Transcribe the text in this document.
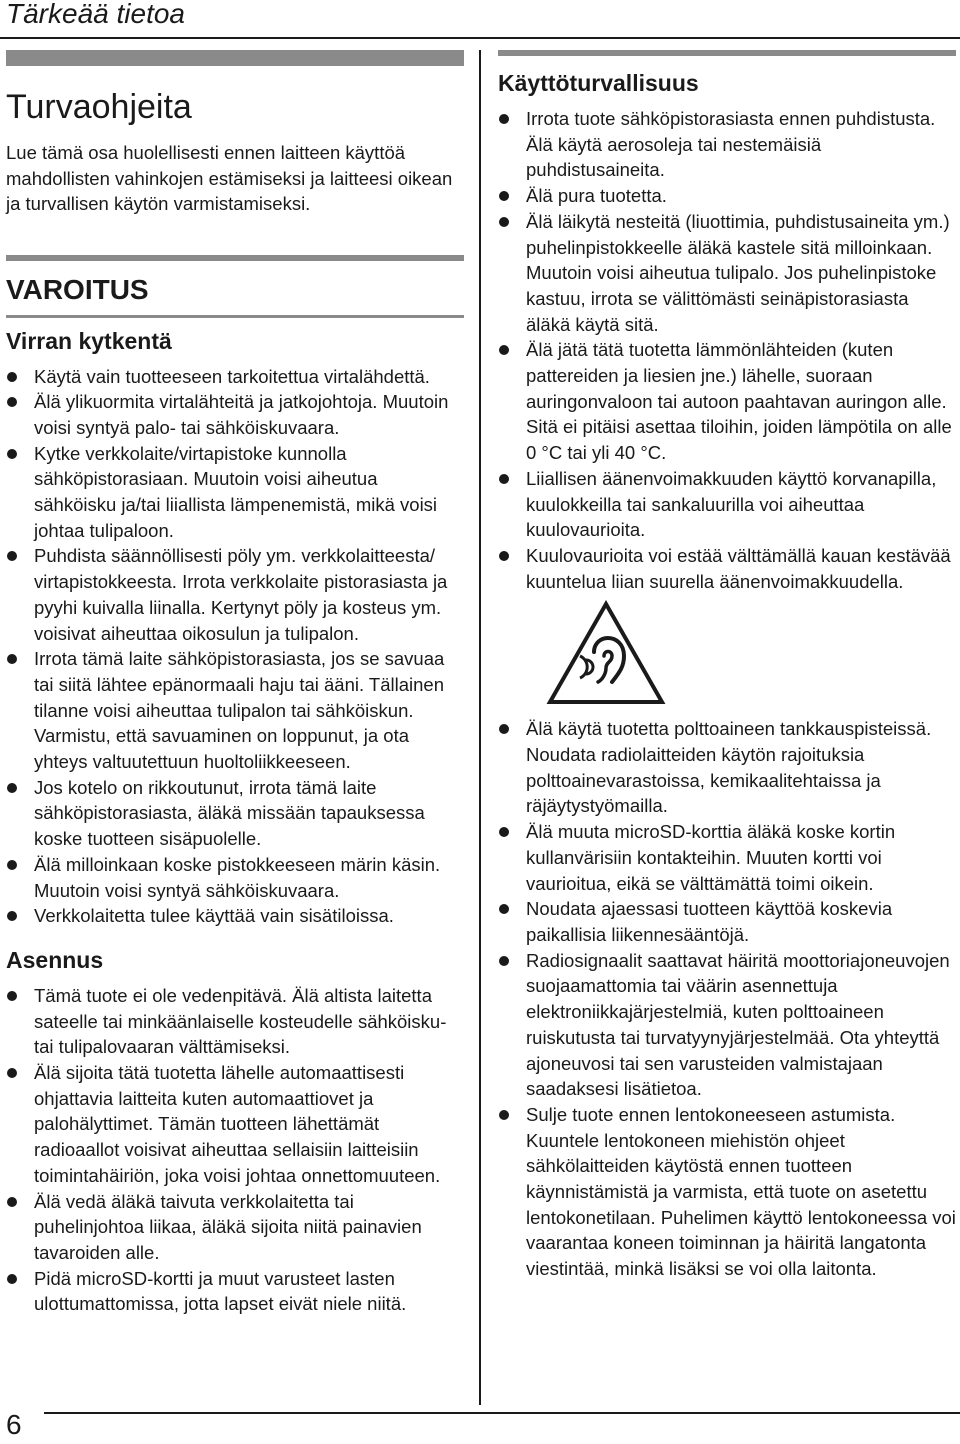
Tärkeää tietoa
Turvaohjeita

Lue tämä osa huolellisesti ennen laitteen käyttöä mahdollisten vahinkojen estämiseksi ja laitteesi oikean ja turvallisen käytön varmistamiseksi.

VAROITUS
Virran kytkentä
Käytä vain tuotteeseen tarkoitettua virtalähdettä.
Älä ylikuormita virtalähteitä ja jatkojohtoja. Muutoin voisi syntyä palo- tai sähköiskuvaara.
Kytke verkkolaite/virtapistoke kunnolla sähköpistorasiaan. Muutoin voisi aiheutua sähköisku ja/tai liiallista lämpenemistä, mikä voisi johtaa tulipaloon.
Puhdista säännöllisesti pöly ym. verkkolaitteesta/ virtapistokkeesta. Irrota verkkolaite pistorasiasta ja pyyhi kuivalla liinalla. Kertynyt pöly ja kosteus ym. voisivat aiheuttaa oikosulun ja tulipalon.
Irrota tämä laite sähköpistorasiasta, jos se savuaa tai siitä lähtee epänormaali haju tai ääni. Tällainen tilanne voisi aiheuttaa tulipalon tai sähköiskun. Varmistu, että savuaminen on loppunut, ja ota yhteys valtuutettuun huoltoliikkeeseen.
Jos kotelo on rikkoutunut, irrota tämä laite sähköpistorasiasta, äläkä missään tapauksessa koske tuotteen sisäpuolelle.
Älä milloinkaan koske pistokkeeseen märin käsin. Muutoin voisi syntyä sähköiskuvaara.
Verkkolaitetta tulee käyttää vain sisätiloissa.
Asennus
Tämä tuote ei ole vedenpitävä. Älä altista laitetta sateelle tai minkäänlaiselle kosteudelle sähköisku- tai tulipalovaaran välttämiseksi.
Älä sijoita tätä tuotetta lähelle automaattisesti ohjattavia laitteita kuten automaattiovet ja palohälyttimet. Tämän tuotteen lähettämät radioaallot voisivat aiheuttaa sellaisiin laitteisiin toimintahäiriön, joka voisi johtaa onnettomuuteen.
Älä vedä äläkä taivuta verkkolaitetta tai puhelinjohtoa liikaa, äläkä sijoita niitä painavien tavaroiden alle.
Pidä microSD-kortti ja muut varusteet lasten ulottumattomissa, jotta lapset eivät niele niitä.
Käyttöturvallisuus
Irrota tuote sähköpistorasiasta ennen puhdistusta. Älä käytä aerosoleja tai nestemäisiä puhdistusaineita.
Älä pura tuotetta.
Älä läikytä nesteitä (liuottimia, puhdistusaineita ym.) puhelinpistokkeelle äläkä kastele sitä milloinkaan. Muutoin voisi aiheutua tulipalo. Jos puhelinpistoke kastuu, irrota se välittömästi seinäpistorasiasta äläkä käytä sitä.
Älä jätä tätä tuotetta lämmönlähteiden (kuten pattereiden ja liesien jne.) lähelle, suoraan auringonvaloon tai autoon paahtavan auringon alle. Sitä ei pitäisi asettaa tiloihin, joiden lämpötila on alle 0 °C tai yli 40 °C.
Liiallisen äänenvoimakkuuden käyttö korvanapilla, kuulokkeilla tai sankaluurilla voi aiheuttaa kuulovaurioita.
Kuulovaurioita voi estää välttämällä kauan kestävää kuuntelua liian suurella äänenvoimakkuudella.
Älä käytä tuotetta polttoaineen tankkauspisteissä. Noudata radiolaitteiden käytön rajoituksia polttoainevarastoissa, kemikaalitehtaissa ja räjäytystyömailla.
Älä muuta microSD-korttia äläkä koske kortin kullanvärisiin kontakteihin. Muuten kortti voi vaurioitua, eikä se välttämättä toimi oikein.
Noudata ajaessasi tuotteen käyttöä koskevia paikallisia liikennesääntöjä.
Radiosignaalit saattavat häiritä moottoriajoneuvojen suojaamattomia tai väärin asennettuja elektroniikkajärjestelmiä, kuten polttoaineen ruiskutusta tai turvatyynyjärjestelmää. Ota yhteyttä ajoneuvosi tai sen varusteiden valmistajaan saadaksesi lisätietoa.
Sulje tuote ennen lentokoneeseen astumista. Kuuntele lentokoneen miehistön ohjeet sähkölaitteiden käytöstä ennen tuotteen käynnistämistä ja varmista, että tuote on asetettu lentokonetilaan. Puhelimen käyttö lentokoneessa voi vaarantaa koneen toiminnan ja häiritä langatonta viestintää, minkä lisäksi se voi olla laitonta.
6
